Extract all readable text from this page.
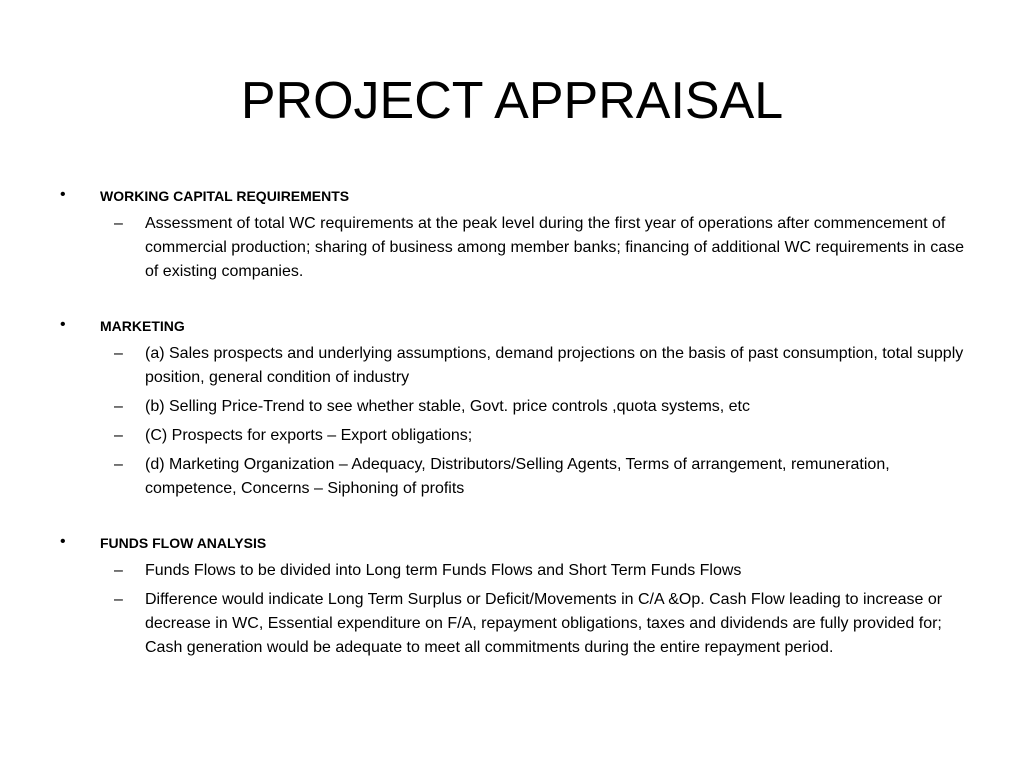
PROJECT APPRAISAL
• WORKING CAPITAL REQUIREMENTS
– Assessment of total WC requirements at the peak level during the first year of operations after commencement of commercial production; sharing of business among member banks; financing of additional WC requirements in case of existing companies.
• MARKETING
– (a) Sales prospects and underlying assumptions, demand projections on the basis of past consumption, total supply position, general condition of industry
– (b) Selling Price-Trend to see whether stable, Govt. price controls ,quota systems, etc
– (C) Prospects for exports – Export obligations;
– (d) Marketing Organization – Adequacy, Distributors/Selling Agents, Terms of arrangement, remuneration, competence, Concerns – Siphoning of profits
• FUNDS FLOW ANALYSIS
– Funds Flows to be divided into Long term Funds Flows and Short Term Funds Flows
– Difference would indicate Long Term Surplus or Deficit/Movements in C/A &Op. Cash Flow leading to increase or decrease in WC, Essential expenditure on F/A, repayment obligations, taxes and dividends are fully provided for; Cash generation would be adequate to meet all commitments during the entire repayment period.
